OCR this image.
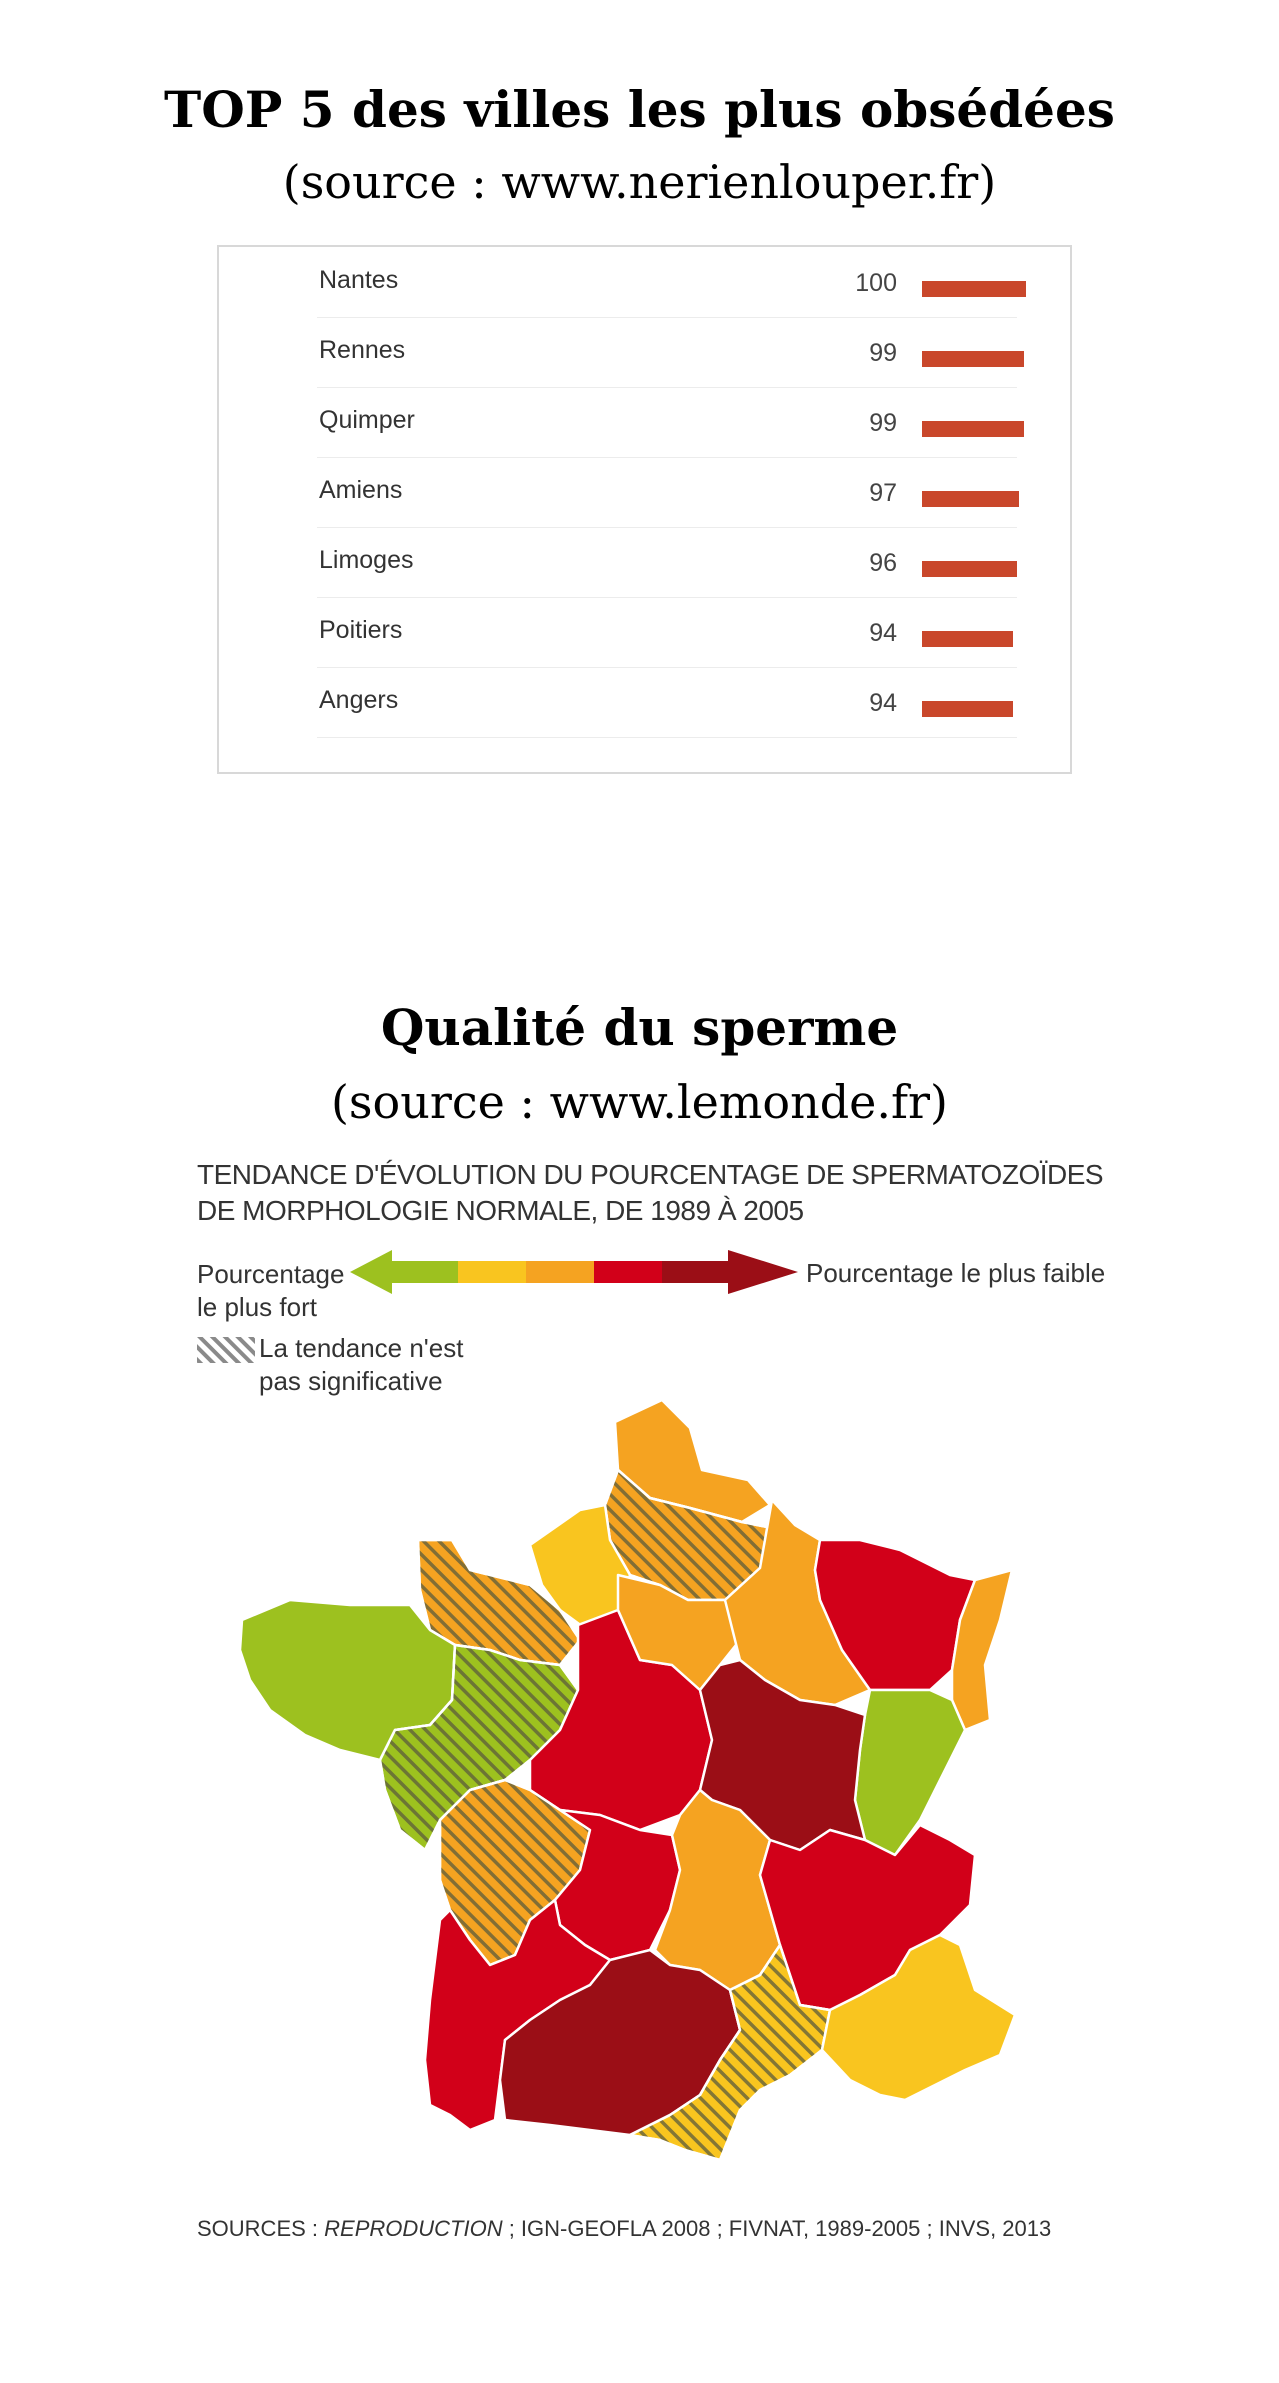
TOP 5 des villes les plus obsédées
(source : www.nerienlouper.fr)
Nantes	100
Rennes	99
Quimper	99
Amiens	97
Limoges	96
Poitiers	94
Angers	94
Qualité du sperme
(source : www.lemonde.fr)
TENDANCE D'ÉVOLUTION DU POURCENTAGE DE SPERMATOZOÏDES
DE MORPHOLOGIE NORMALE, DE 1989 À 2005
Pourcentage
le plus fort
Pourcentage le plus faible
La tendance n'est
pas significative
SOURCES : REPRODUCTION ; IGN-GEOFLA 2008 ; FIVNAT, 1989-2005 ; INVS, 2013
